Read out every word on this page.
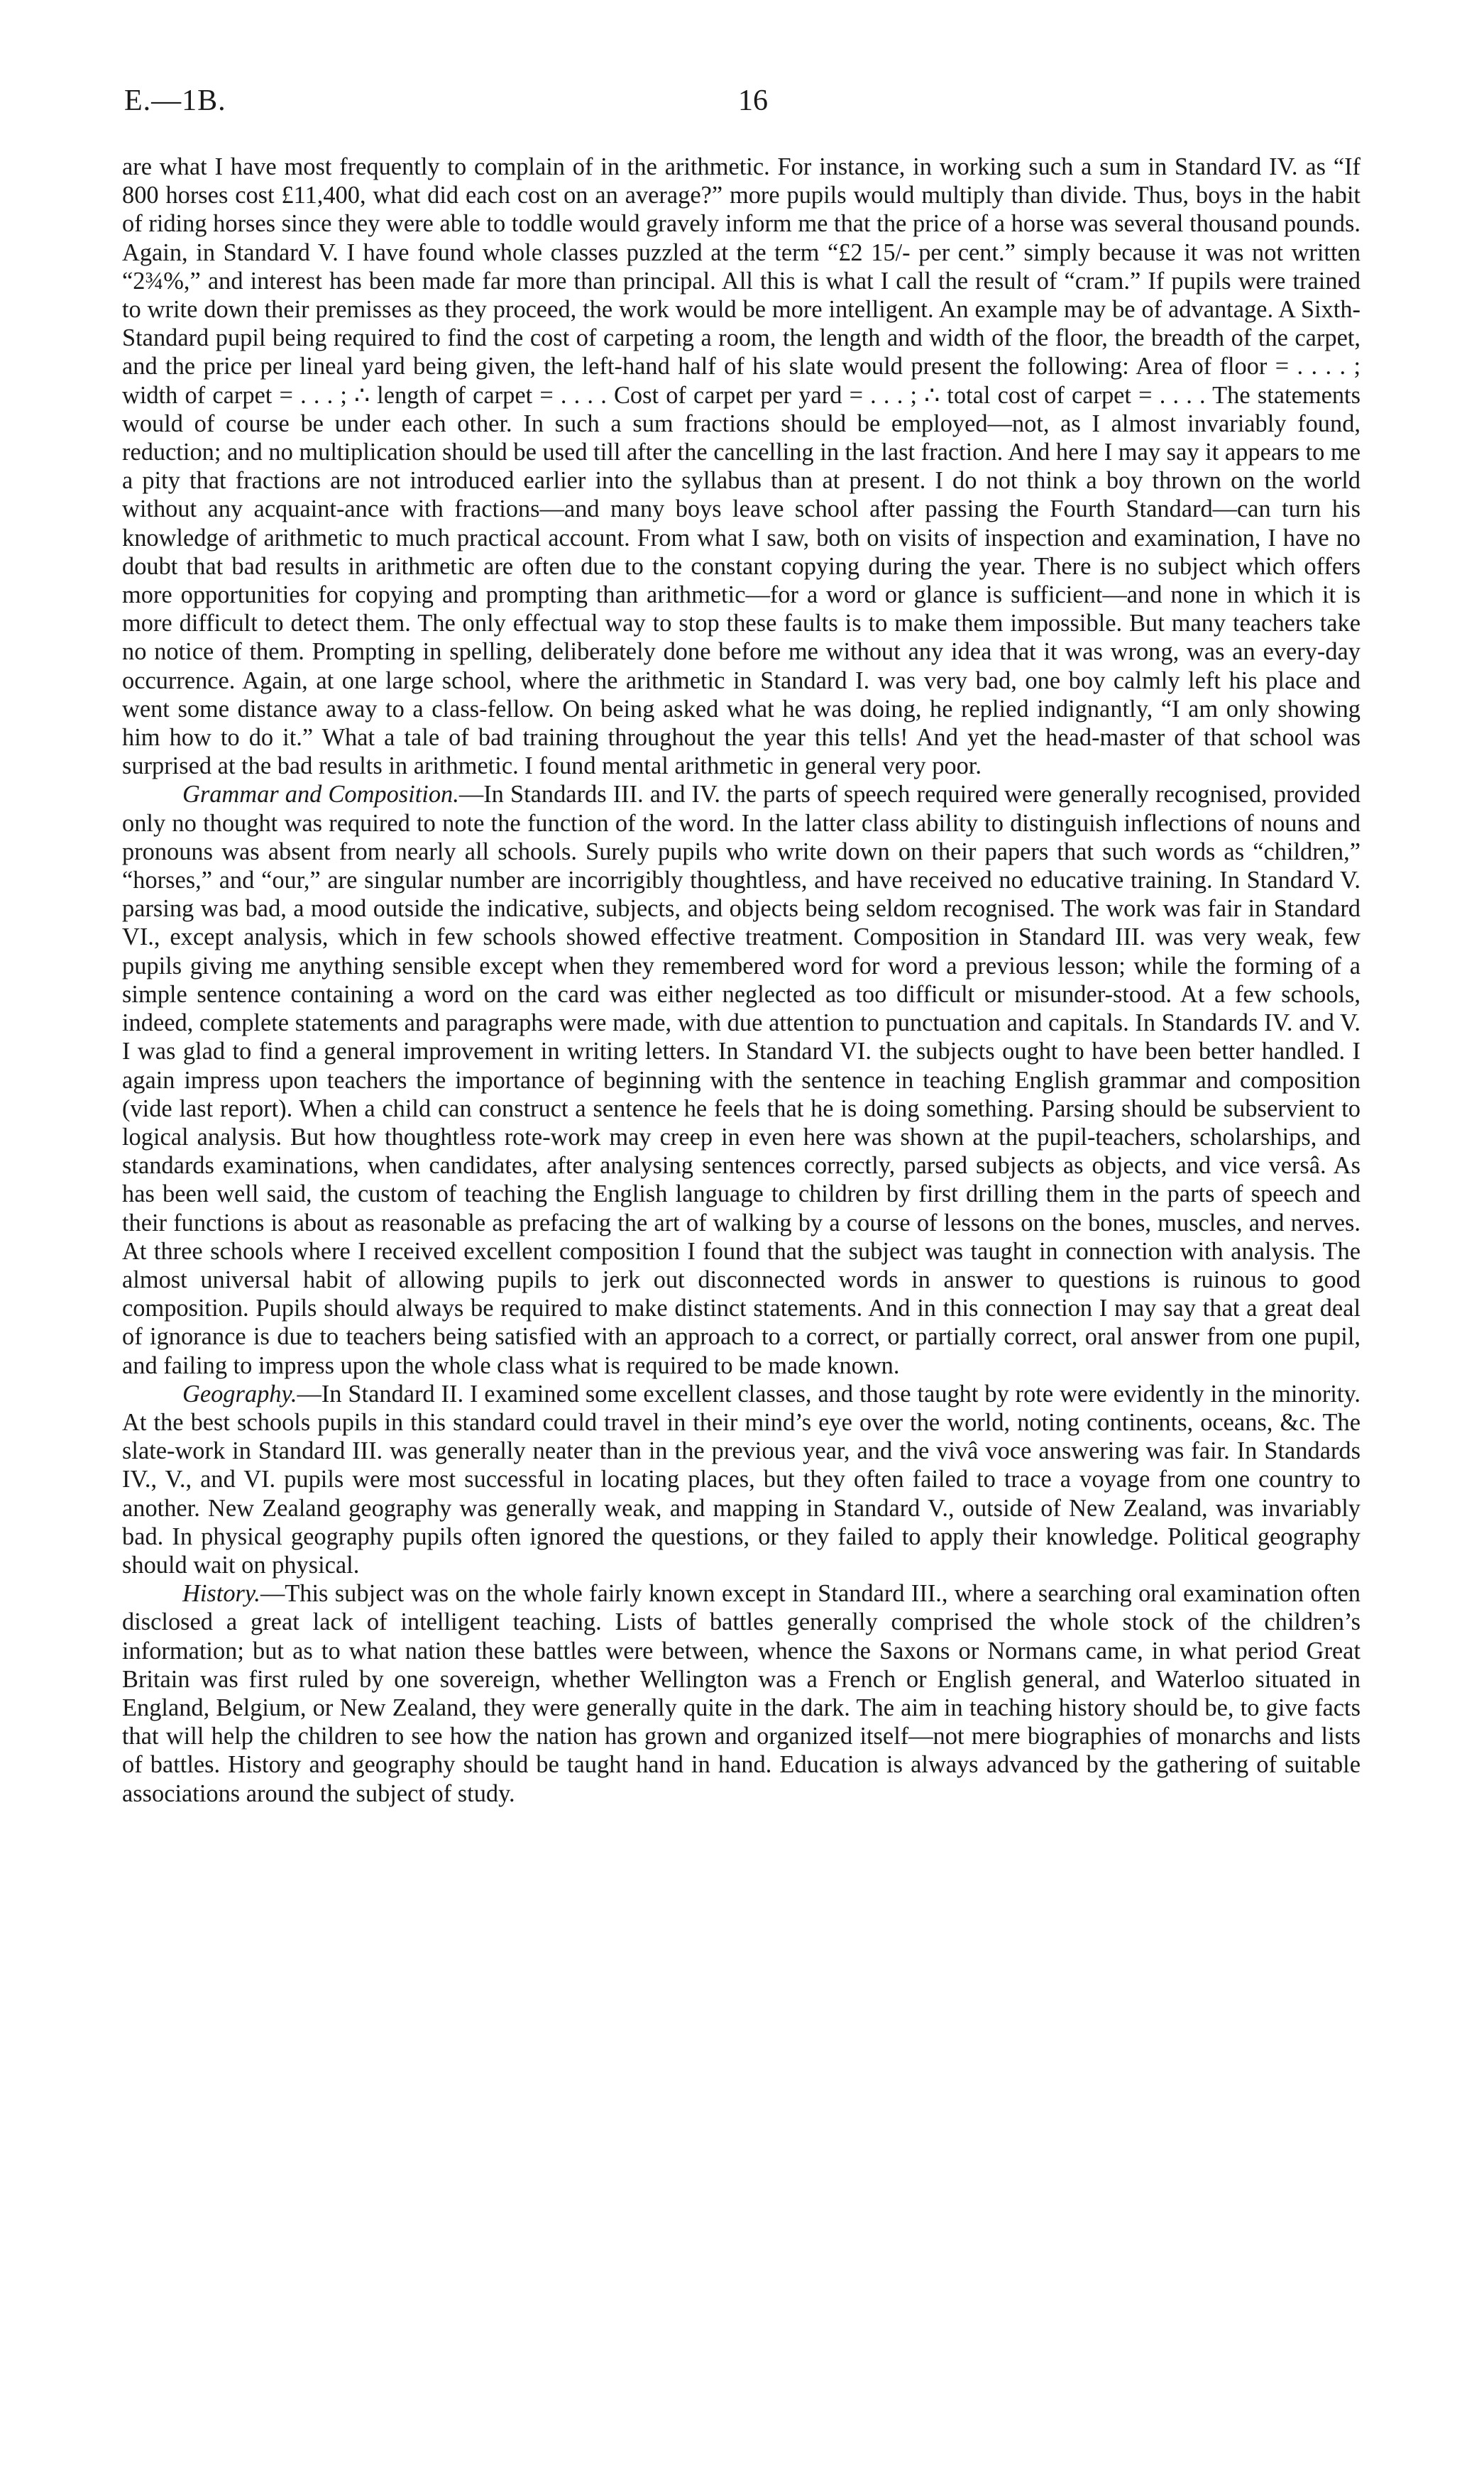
E.—1B.	16

are what I have most frequently to complain of in the arithmetic. For instance, in working such a sum in Standard IV. as “If 800 horses cost £11,400, what did each cost on an average?” more pupils would multiply than divide. Thus, boys in the habit of riding horses since they were able to toddle would gravely inform me that the price of a horse was several thousand pounds. Again, in Standard V. I have found whole classes puzzled at the term “£2 15/- per cent.” simply because it was not written “2¾%,” and interest has been made far more than principal. All this is what I call the result of “cram.” If pupils were trained to write down their premisses as they proceed, the work would be more intelligent. An example may be of advantage. A Sixth-Standard pupil being required to find the cost of carpeting a room, the length and width of the floor, the breadth of the carpet, and the price per lineal yard being given, the left-hand half of his slate would present the following: Area of floor = . . . . ; width of carpet = . . . ; ∴ length of carpet = . . . . Cost of carpet per yard = . . . ; ∴ total cost of carpet = . . . . The statements would of course be under each other. In such a sum fractions should be employed—not, as I almost invariably found, reduction; and no multiplication should be used till after the cancelling in the last fraction. And here I may say it appears to me a pity that fractions are not introduced earlier into the syllabus than at present. I do not think a boy thrown on the world without any acquaint-ance with fractions—and many boys leave school after passing the Fourth Standard—can turn his knowledge of arithmetic to much practical account. From what I saw, both on visits of inspection and examination, I have no doubt that bad results in arithmetic are often due to the constant copying during the year. There is no subject which offers more opportunities for copying and prompting than arithmetic—for a word or glance is sufficient—and none in which it is more difficult to detect them. The only effectual way to stop these faults is to make them impossible. But many teachers take no notice of them. Prompting in spelling, deliberately done before me without any idea that it was wrong, was an every-day occurrence. Again, at one large school, where the arithmetic in Standard I. was very bad, one boy calmly left his place and went some distance away to a class-fellow. On being asked what he was doing, he replied indignantly, “I am only showing him how to do it.” What a tale of bad training throughout the year this tells! And yet the head-master of that school was surprised at the bad results in arithmetic. I found mental arithmetic in general very poor.

Grammar and Composition.—In Standards III. and IV. the parts of speech required were generally recognised, provided only no thought was required to note the function of the word. In the latter class ability to distinguish inflections of nouns and pronouns was absent from nearly all schools. Surely pupils who write down on their papers that such words as “children,” “horses,” and “our,” are singular number are incorrigibly thoughtless, and have received no educative training. In Standard V. parsing was bad, a mood outside the indicative, subjects, and objects being seldom recognised. The work was fair in Standard VI., except analysis, which in few schools showed effective treatment. Composition in Standard III. was very weak, few pupils giving me anything sensible except when they remembered word for word a previous lesson; while the forming of a simple sentence containing a word on the card was either neglected as too difficult or misunder-stood. At a few schools, indeed, complete statements and paragraphs were made, with due attention to punctuation and capitals. In Standards IV. and V. I was glad to find a general improvement in writing letters. In Standard VI. the subjects ought to have been better handled. I again impress upon teachers the importance of beginning with the sentence in teaching English grammar and composition (vide last report). When a child can construct a sentence he feels that he is doing something. Parsing should be subservient to logical analysis. But how thoughtless rote-work may creep in even here was shown at the pupil-teachers, scholarships, and standards examinations, when candidates, after analysing sentences correctly, parsed subjects as objects, and vice versâ. As has been well said, the custom of teaching the English language to children by first drilling them in the parts of speech and their functions is about as reasonable as prefacing the art of walking by a course of lessons on the bones, muscles, and nerves. At three schools where I received excellent composition I found that the subject was taught in connection with analysis. The almost universal habit of allowing pupils to jerk out disconnected words in answer to questions is ruinous to good composition. Pupils should always be required to make distinct statements. And in this connection I may say that a great deal of ignorance is due to teachers being satisfied with an approach to a correct, or partially correct, oral answer from one pupil, and failing to impress upon the whole class what is required to be made known.

Geography.—In Standard II. I examined some excellent classes, and those taught by rote were evidently in the minority. At the best schools pupils in this standard could travel in their mind’s eye over the world, noting continents, oceans, &c. The slate-work in Standard III. was generally neater than in the previous year, and the vivâ voce answering was fair. In Standards IV., V., and VI. pupils were most successful in locating places, but they often failed to trace a voyage from one country to another. New Zealand geography was generally weak, and mapping in Standard V., outside of New Zealand, was invariably bad. In physical geography pupils often ignored the questions, or they failed to apply their knowledge. Political geography should wait on physical.

History.—This subject was on the whole fairly known except in Standard III., where a searching oral examination often disclosed a great lack of intelligent teaching. Lists of battles generally comprised the whole stock of the children’s information; but as to what nation these battles were between, whence the Saxons or Normans came, in what period Great Britain was first ruled by one sovereign, whether Wellington was a French or English general, and Waterloo situated in England, Belgium, or New Zealand, they were generally quite in the dark. The aim in teaching history should be, to give facts that will help the children to see how the nation has grown and organized itself—not mere biographies of monarchs and lists of battles. History and geography should be taught hand in hand. Education is always advanced by the gathering of suitable associations around the subject of study.
